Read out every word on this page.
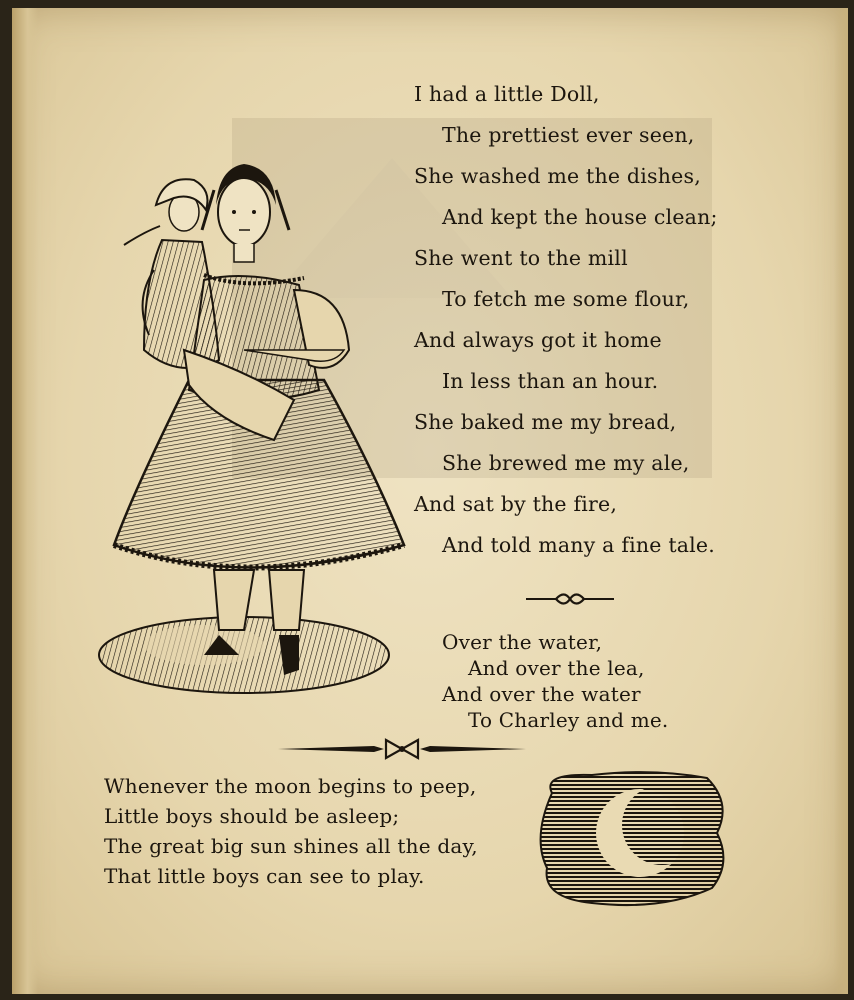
I had a little Doll,
The prettiest ever seen,
She washed me the dishes,
And kept the house clean;
She went to the mill
To fetch me some flour,
And always got it home
In less than an hour.
She baked me my bread,
She brewed me my ale,
And sat by the fire,
And told many a fine tale.
Over the water,
And over the lea,
And over the water
To Charley and me.
Whenever the moon begins to peep,
Little boys should be asleep;
The great big sun shines all the day,
That little boys can see to play.
